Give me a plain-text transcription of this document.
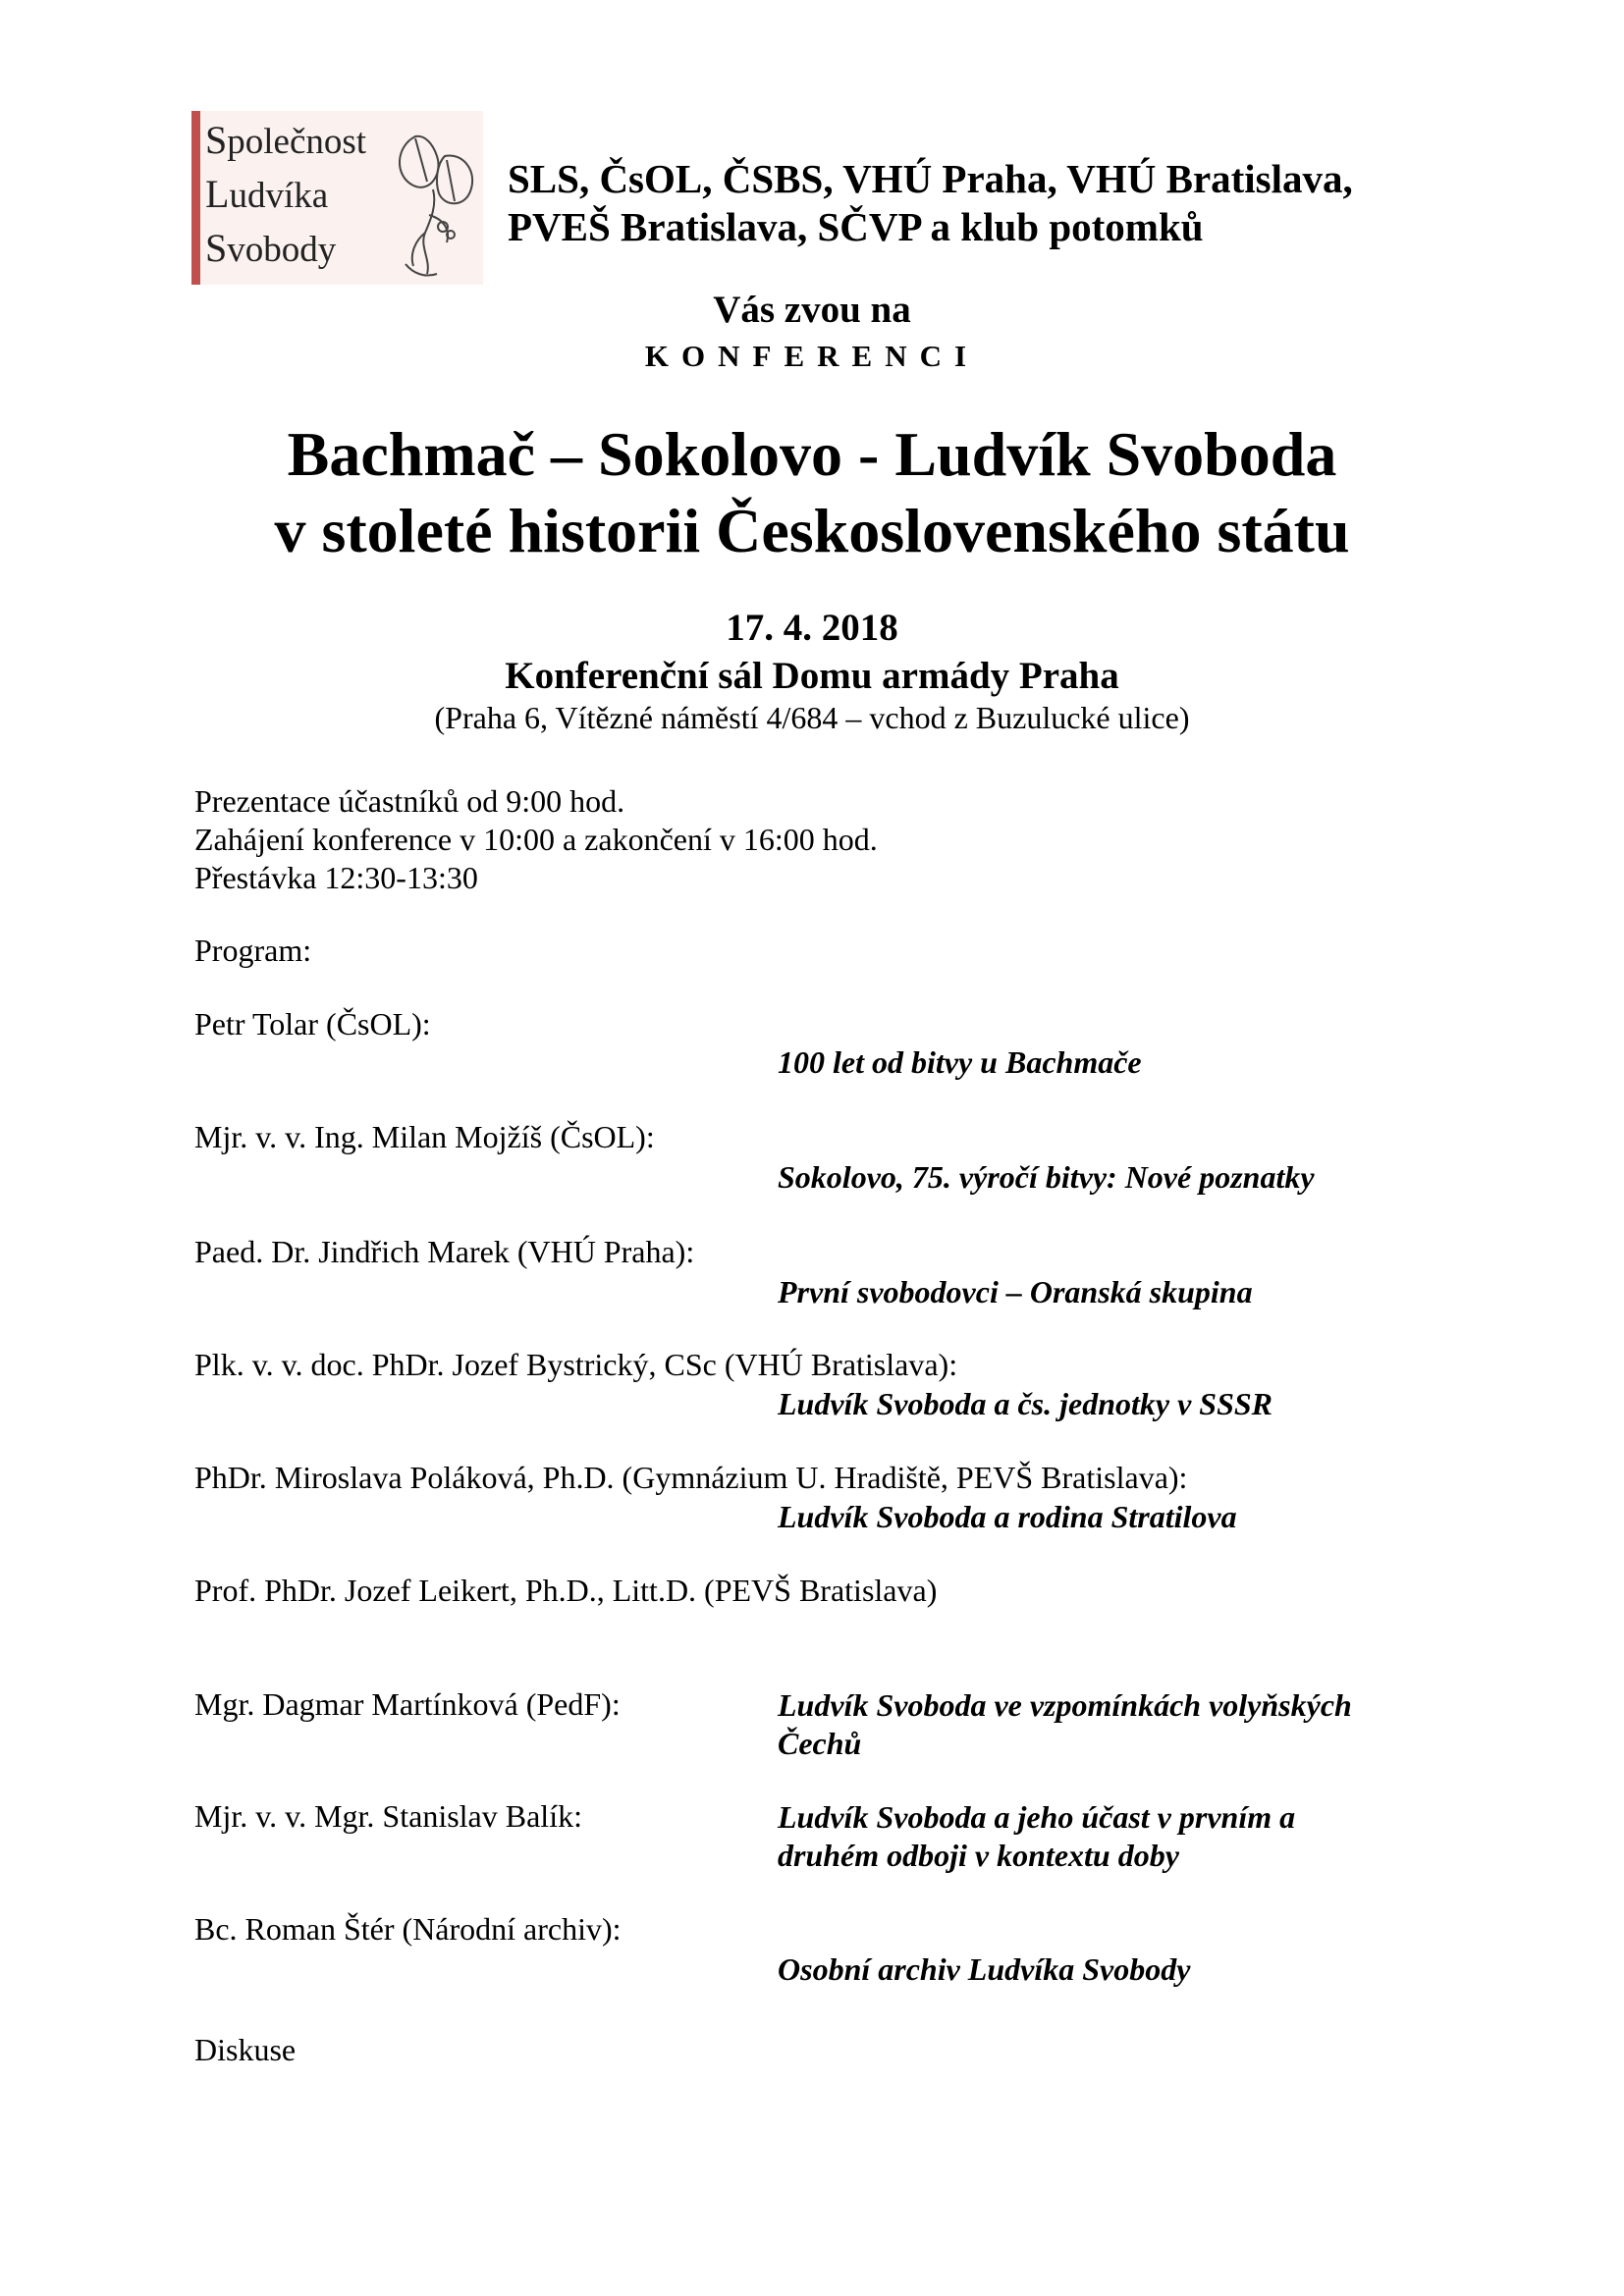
Společnost
Ludvíka
Svobody
SLS, ČsOL, ČSBS, VHÚ Praha, VHÚ Bratislava,
PVEŠ Bratislava, SČVP a klub potomků
Vás zvou na
KONFERENCI
Bachmač – Sokolovo - Ludvík Svoboda
v stoleté historii Československého státu
17. 4. 2018
Konferenční sál Domu armády Praha
(Praha 6, Vítězné náměstí 4/684 – vchod z Buzulucké ulice)
Prezentace účastníků od 9:00 hod.
Zahájení konference v 10:00 a zakončení v 16:00 hod.
Přestávka 12:30-13:30
Program:
Petr Tolar (ČsOL):
100 let od bitvy u Bachmače
Mjr. v. v. Ing. Milan Mojžíš (ČsOL):
Sokolovo, 75. výročí bitvy: Nové poznatky
Paed. Dr. Jindřich Marek (VHÚ Praha):
První svobodovci – Oranská skupina
Plk. v. v. doc. PhDr. Jozef Bystrický, CSc (VHÚ Bratislava):
Ludvík Svoboda a čs. jednotky v SSSR
PhDr. Miroslava Poláková, Ph.D. (Gymnázium U. Hradiště, PEVŠ Bratislava):
Ludvík Svoboda a rodina Stratilova
Prof. PhDr. Jozef Leikert, Ph.D., Litt.D. (PEVŠ Bratislava)
Mgr. Dagmar Martínková (PedF):	Ludvík Svoboda ve vzpomínkách volyňských
Čechů
Mjr. v. v. Mgr. Stanislav Balík:	Ludvík Svoboda a jeho účast v prvním a
druhém odboji v kontextu doby
Bc. Roman Štér (Národní archiv):
Osobní archiv Ludvíka Svobody
Diskuse
